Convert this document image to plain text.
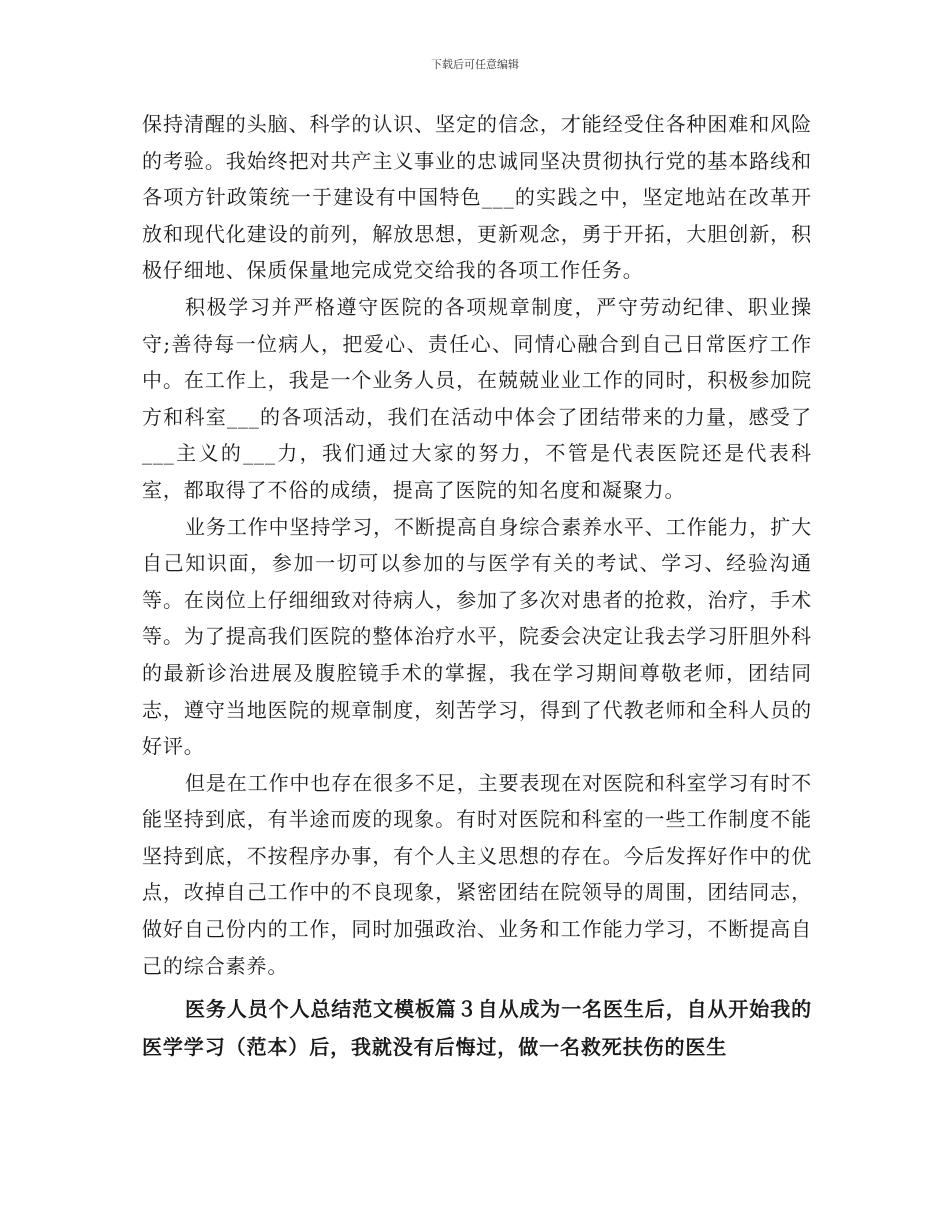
下载后可任意编辑

保持清醒的头脑、科学的认识、坚定的信念，才能经受住各种困难和风险的考验。我始终把对共产主义事业的忠诚同坚决贯彻执行党的基本路线和各项方针政策统一于建设有中国特色___的实践之中，坚定地站在改革开放和现代化建设的前列，解放思想，更新观念，勇于开拓，大胆创新，积极仔细地、保质保量地完成党交给我的各项工作任务。

积极学习并严格遵守医院的各项规章制度，严守劳动纪律、职业操守;善待每一位病人，把爱心、责任心、同情心融合到自己日常医疗工作中。在工作上，我是一个业务人员，在兢兢业业工作的同时，积极参加院方和科室___的各项活动，我们在活动中体会了团结带来的力量，感受了___主义的___力，我们通过大家的努力，不管是代表医院还是代表科室，都取得了不俗的成绩，提高了医院的知名度和凝聚力。

业务工作中坚持学习，不断提高自身综合素养水平、工作能力，扩大自己知识面，参加一切可以参加的与医学有关的考试、学习、经验沟通等。在岗位上仔细细致对待病人，参加了多次对患者的抢救，治疗，手术等。为了提高我们医院的整体治疗水平，院委会决定让我去学习肝胆外科的最新诊治进展及腹腔镜手术的掌握，我在学习期间尊敬老师，团结同志，遵守当地医院的规章制度，刻苦学习，得到了代教老师和全科人员的好评。

但是在工作中也存在很多不足，主要表现在对医院和科室学习有时不能坚持到底，有半途而废的现象。有时对医院和科室的一些工作制度不能坚持到底，不按程序办事，有个人主义思想的存在。今后发挥好作中的优点，改掉自己工作中的不良现象，紧密团结在院领导的周围，团结同志，做好自己份内的工作，同时加强政治、业务和工作能力学习，不断提高自己的综合素养。

医务人员个人总结范文模板篇３自从成为一名医生后，自从开始我的医学学习（范本）后，我就没有后悔过，做一名救死扶伤的医生
